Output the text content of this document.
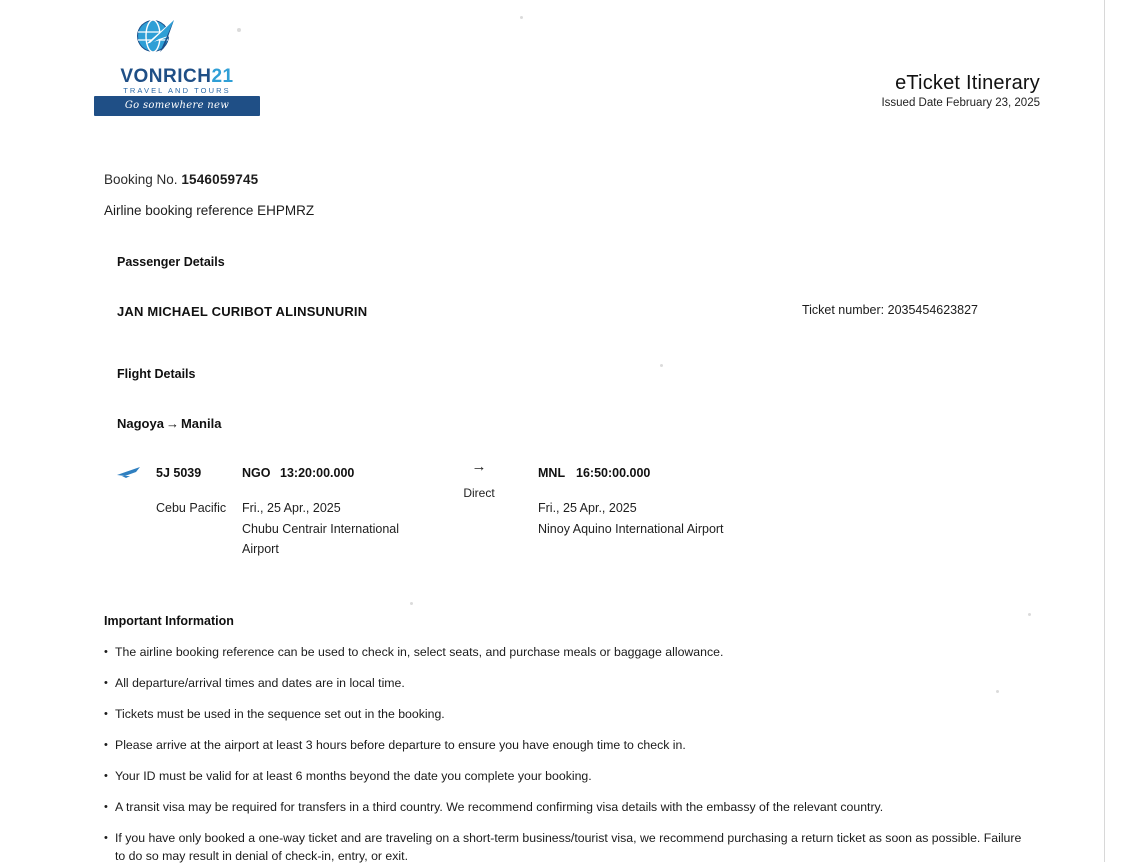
VONRICH21
TRAVEL AND TOURS
Go somewhere new
eTicket Itinerary
Issued Date February 23, 2025
Booking No. 1546059745
Airline booking reference EHPMRZ
Passenger Details
JAN MICHAEL CURIBOT ALINSUNURIN	Ticket number: 2035454623827
Flight Details
Nagoya → Manila
5J 5039
Cebu Pacific
NGO 13:20:00.000
Fri., 25 Apr., 2025
Chubu Centrair International Airport
→
Direct
MNL 16:50:00.000
Fri., 25 Apr., 2025
Ninoy Aquino International Airport
Important Information
• The airline booking reference can be used to check in, select seats, and purchase meals or baggage allowance.
• All departure/arrival times and dates are in local time.
• Tickets must be used in the sequence set out in the booking.
• Please arrive at the airport at least 3 hours before departure to ensure you have enough time to check in.
• Your ID must be valid for at least 6 months beyond the date you complete your booking.
• A transit visa may be required for transfers in a third country. We recommend confirming visa details with the embassy of the relevant country.
• If you have only booked a one-way ticket and are traveling on a short-term business/tourist visa, we recommend purchasing a return ticket as soon as possible. Failure to do so may result in denial of check-in, entry, or exit.
